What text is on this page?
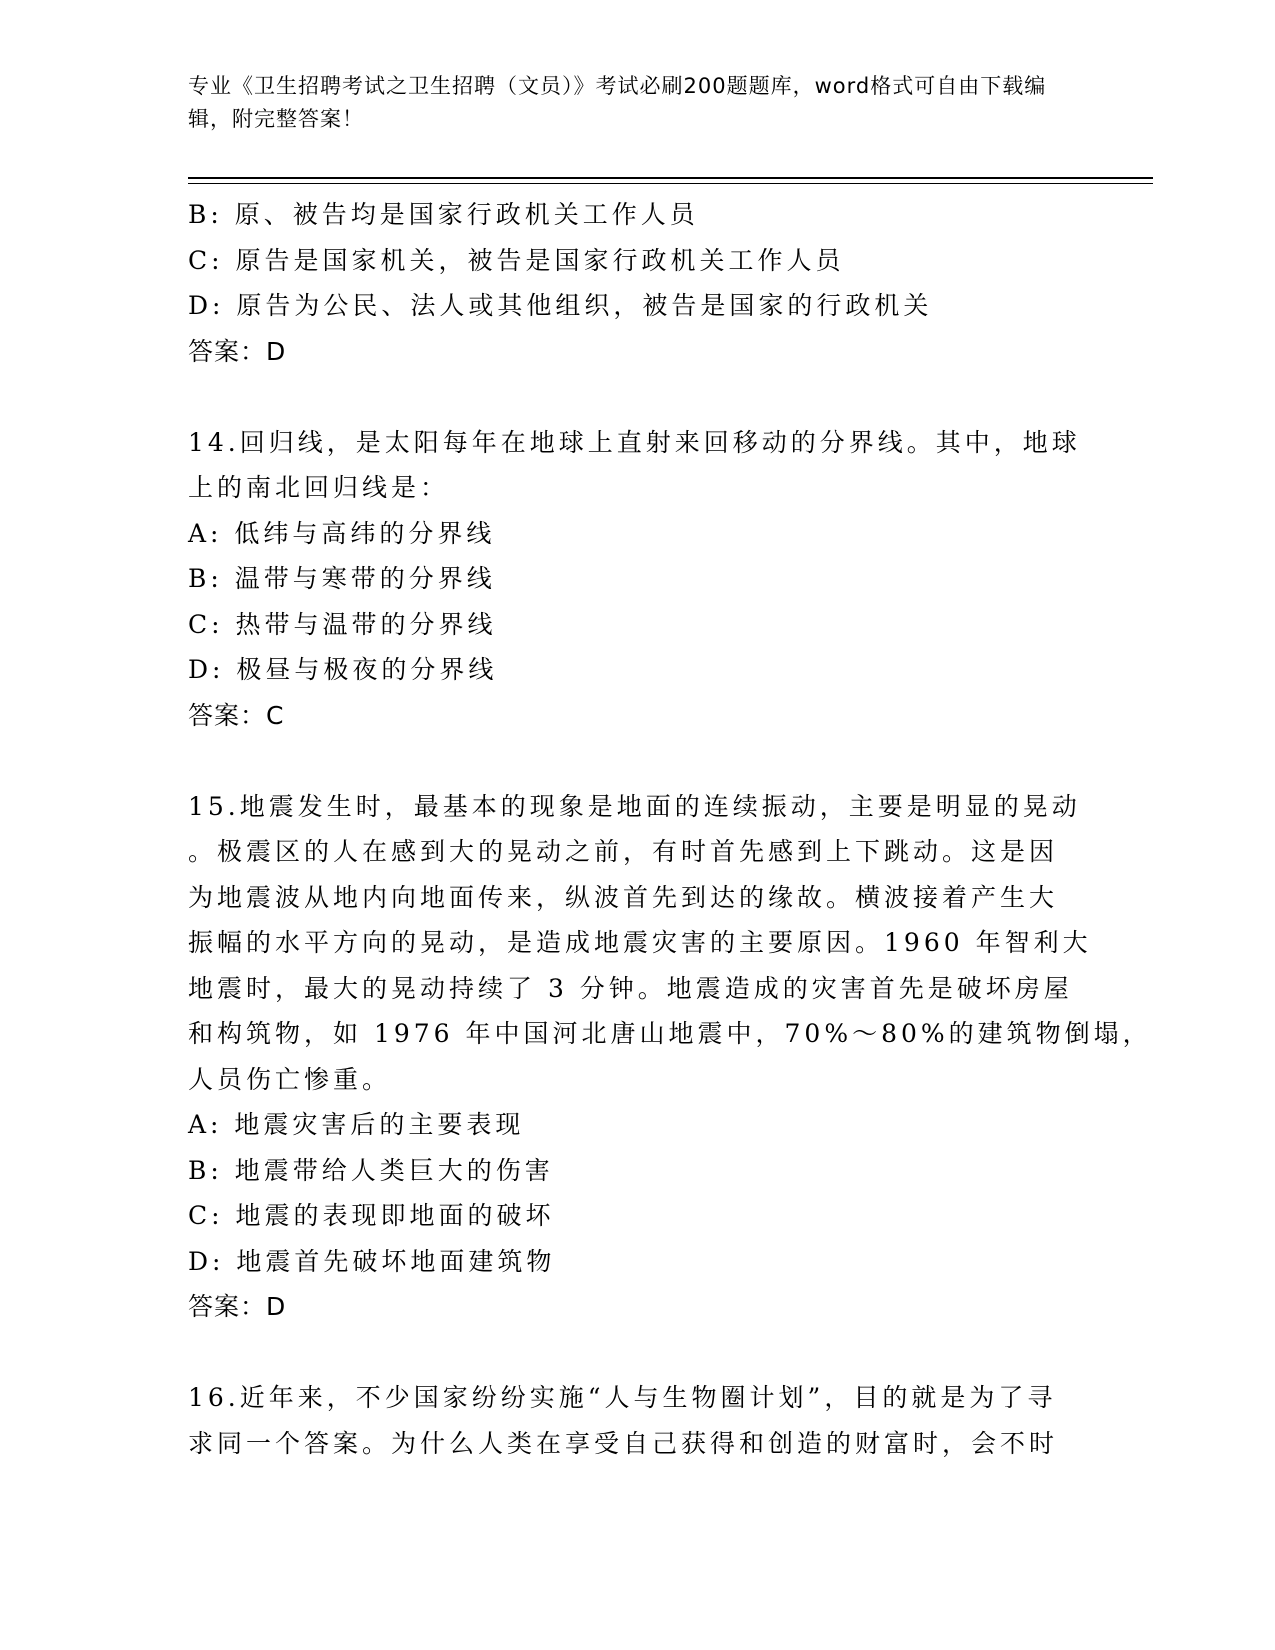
专业《卫生招聘考试之卫生招聘（文员）》考试必刷200题题库，word格式可自由下载编辑，附完整答案！
B: 原、被告均是国家行政机关工作人员
C: 原告是国家机关，被告是国家行政机关工作人员
D: 原告为公民、法人或其他组织，被告是国家的行政机关
答案：D
14.回归线，是太阳每年在地球上直射来回移动的分界线。其中，地球
上的南北回归线是：
A: 低纬与高纬的分界线
B: 温带与寒带的分界线
C: 热带与温带的分界线
D: 极昼与极夜的分界线
答案：C
15.地震发生时，最基本的现象是地面的连续振动，主要是明显的晃动
。极震区的人在感到大的晃动之前，有时首先感到上下跳动。这是因
为地震波从地内向地面传来，纵波首先到达的缘故。横波接着产生大
振幅的水平方向的晃动，是造成地震灾害的主要原因。1960 年智利大
地震时，最大的晃动持续了 3 分钟。地震造成的灾害首先是破坏房屋
和构筑物，如 1976 年中国河北唐山地震中，70%～80%的建筑物倒塌，
人员伤亡惨重。
A: 地震灾害后的主要表现
B: 地震带给人类巨大的伤害
C: 地震的表现即地面的破坏
D: 地震首先破坏地面建筑物
答案：D
16.近年来，不少国家纷纷实施“人与生物圈计划”，目的就是为了寻
求同一个答案。为什么人类在享受自己获得和创造的财富时，会不时
